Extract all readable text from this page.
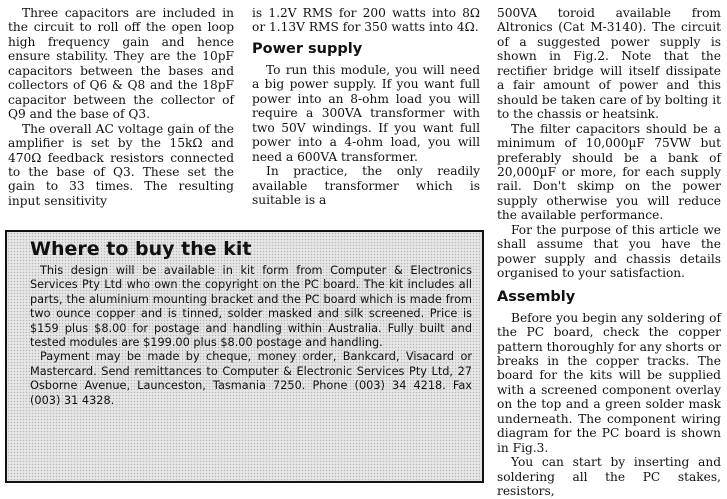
Three capacitors are included in the circuit to roll off the open loop high frequency gain and hence ensure stability. They are the 10pF capacitors between the bases and collectors of Q6 & Q8 and the 18pF capacitor between the collector of Q9 and the base of Q3.

The overall AC voltage gain of the amplifier is set by the 15kΩ and 470Ω feedback resistors connected to the base of Q3. These set the gain to 33 times. The resulting input sensitivity

is 1.2V RMS for 200 watts into 8Ω or 1.13V RMS for 350 watts into 4Ω.

Power supply

To run this module, you will need a big power supply. If you want full power into an 8-ohm load you will require a 300VA transformer with two 50V windings. If you want full power into a 4-ohm load, you will need a 600VA transformer.

In practice, the only readily available transformer which is suitable is a

500VA toroid available from Altronics (Cat M-3140). The circuit of a suggested power supply is shown in Fig.2. Note that the rectifier bridge will itself dissipate a fair amount of power and this should be taken care of by bolting it to the chassis or heatsink.

The filter capacitors should be a minimum of 10,000µF 75VW but preferably should be a bank of 20,000µF or more, for each supply rail. Don't skimp on the power supply otherwise you will reduce the available performance.

For the purpose of this article we shall assume that you have the power supply and chassis details organised to your satisfaction.

Assembly

Before you begin any soldering of the PC board, check the copper pattern thoroughly for any shorts or breaks in the copper tracks. The board for the kits will be supplied with a screened component overlay on the top and a green solder mask underneath. The component wiring diagram for the PC board is shown in Fig.3.

You can start by inserting and soldering all the PC stakes, resistors,

Where to buy the kit

This design will be available in kit form from Computer & Electronics Services Pty Ltd who own the copyright on the PC board. The kit includes all parts, the aluminium mounting bracket and the PC board which is made from two ounce copper and is tinned, solder masked and silk screened. Price is $159 plus $8.00 for postage and handling within Australia. Fully built and tested modules are $199.00 plus $8.00 postage and handling.

Payment may be made by cheque, money order, Bankcard, Visacard or Mastercard. Send remittances to Computer & Electronic Services Pty Ltd, 27 Osborne Avenue, Launceston, Tasmania 7250. Phone (003) 34 4218. Fax (003) 31 4328.
